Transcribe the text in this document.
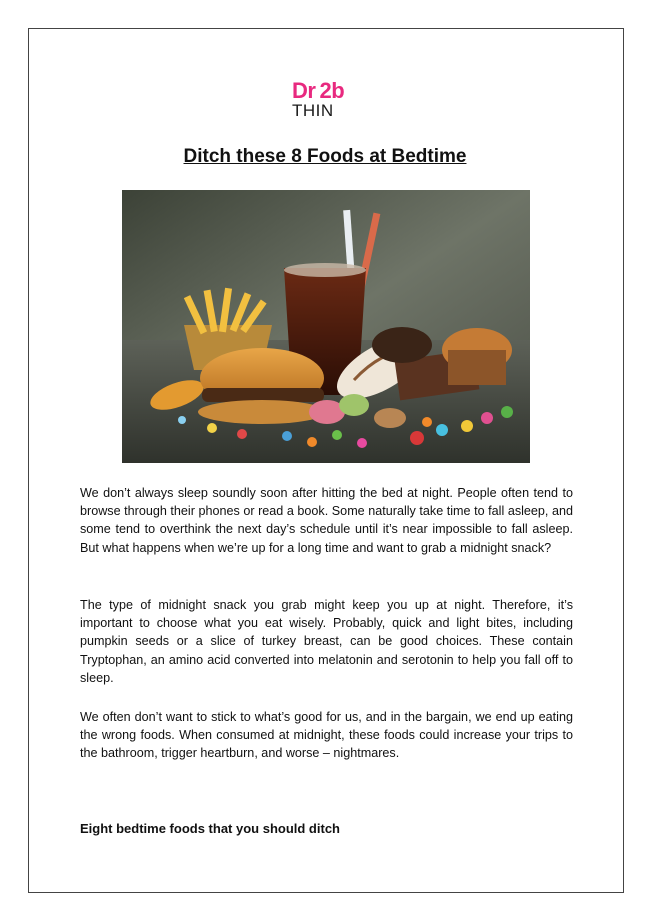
Dr 2b
THIN
Ditch these 8 Foods at Bedtime

We don’t always sleep soundly soon after hitting the bed at night. People often tend to browse through their phones or read a book. Some naturally take time to fall asleep, and some tend to overthink the next day’s schedule until it’s near impossible to fall asleep. But what happens when we’re up for a long time and want to grab a midnight snack?

The type of midnight snack you grab might keep you up at night. Therefore, it’s important to choose what you eat wisely. Probably, quick and light bites, including pumpkin seeds or a slice of turkey breast, can be good choices. These contain Tryptophan, an amino acid converted into melatonin and serotonin to help you fall off to sleep.

We often don’t want to stick to what’s good for us, and in the bargain, we end up eating the wrong foods. When consumed at midnight, these foods could increase your trips to the bathroom, trigger heartburn, and worse – nightmares.

Eight bedtime foods that you should ditch
